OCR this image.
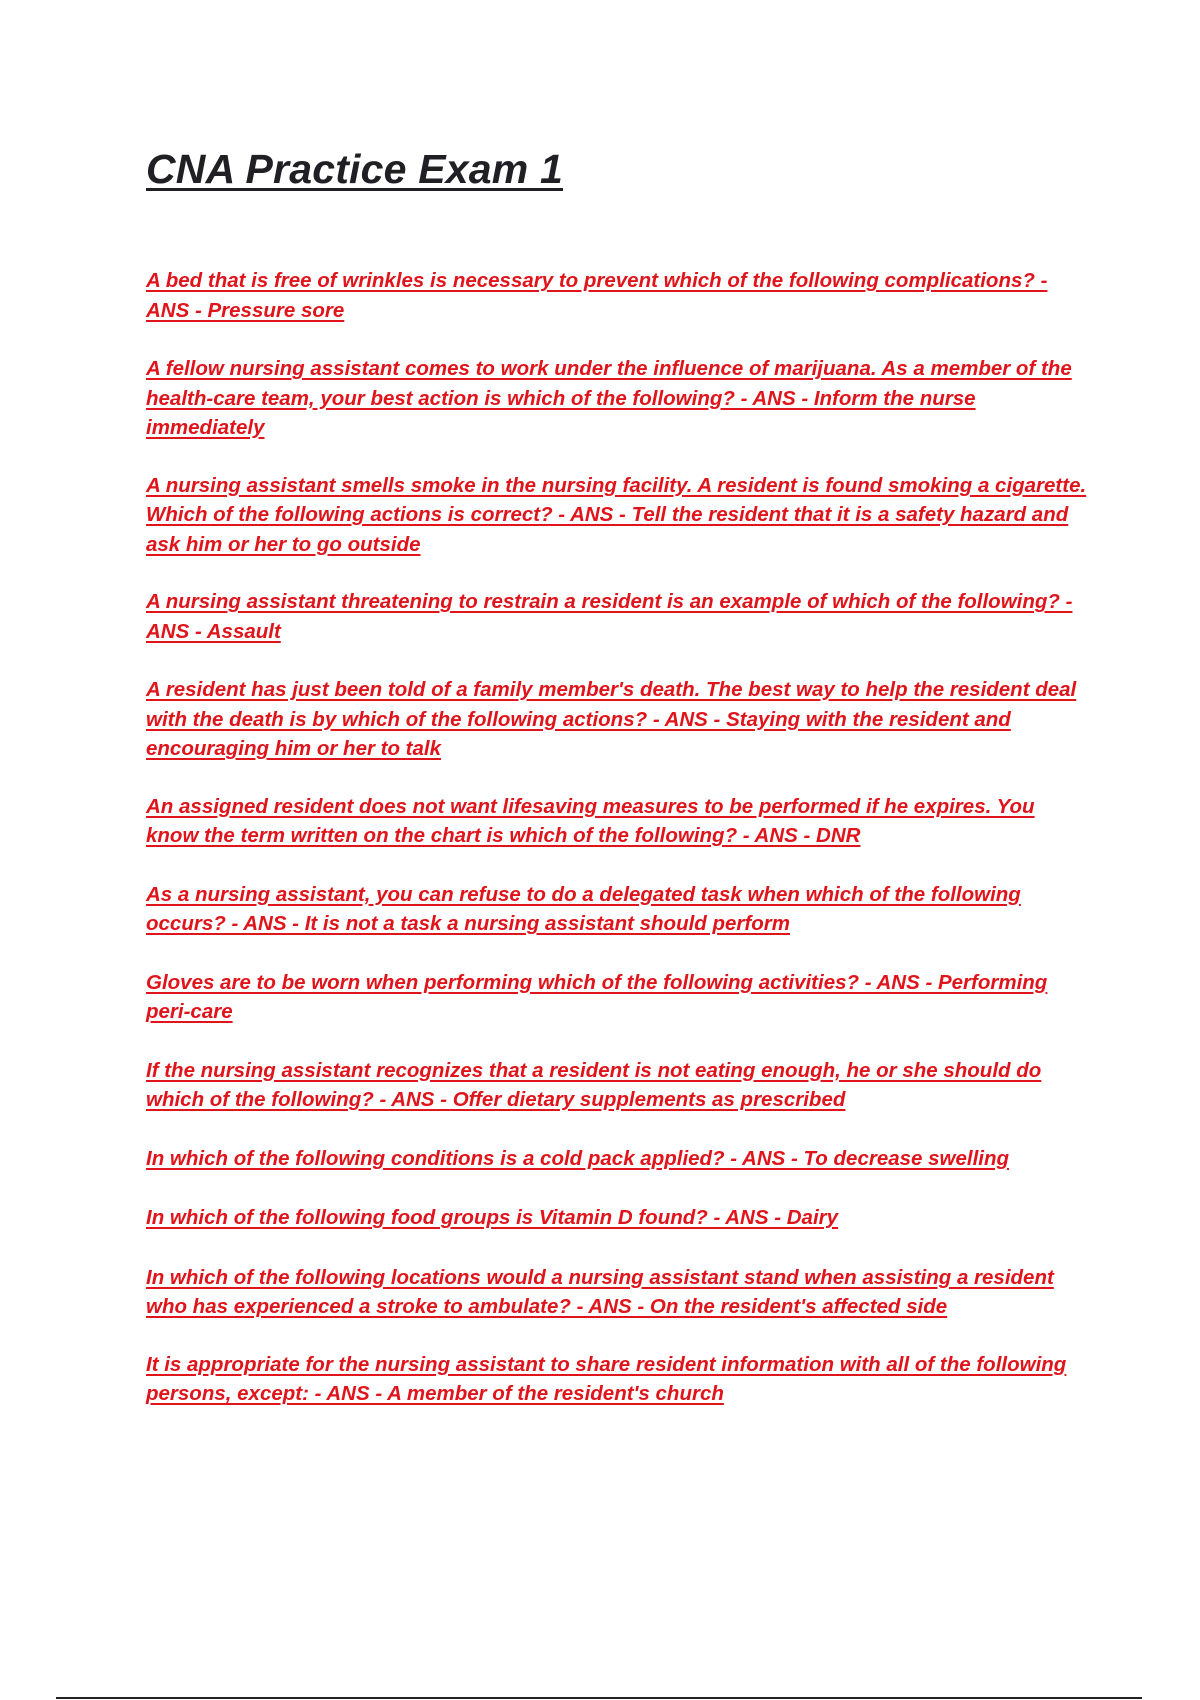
CNA Practice Exam 1
A bed that is free of wrinkles is necessary to prevent which of the following complications? - ANS - Pressure sore
A fellow nursing assistant comes to work under the influence of marijuana. As a member of the health-care team, your best action is which of the following? - ANS - Inform the nurse immediately
A nursing assistant smells smoke in the nursing facility. A resident is found smoking a cigarette. Which of the following actions is correct? - ANS - Tell the resident that it is a safety hazard and ask him or her to go outside
A nursing assistant threatening to restrain a resident is an example of which of the following? - ANS - Assault
A resident has just been told of a family member's death. The best way to help the resident deal with the death is by which of the following actions? - ANS - Staying with the resident and encouraging him or her to talk
An assigned resident does not want lifesaving measures to be performed if he expires. You know the term written on the chart is which of the following? - ANS - DNR
As a nursing assistant, you can refuse to do a delegated task when which of the following occurs? - ANS - It is not a task a nursing assistant should perform
Gloves are to be worn when performing which of the following activities? - ANS - Performing peri-care
If the nursing assistant recognizes that a resident is not eating enough, he or she should do which of the following? - ANS - Offer dietary supplements as prescribed
In which of the following conditions is a cold pack applied? - ANS - To decrease swelling
In which of the following food groups is Vitamin D found? - ANS - Dairy
In which of the following locations would a nursing assistant stand when assisting a resident who has experienced a stroke to ambulate? - ANS - On the resident's affected side
It is appropriate for the nursing assistant to share resident information with all of the following persons, except: - ANS - A member of the resident's church
